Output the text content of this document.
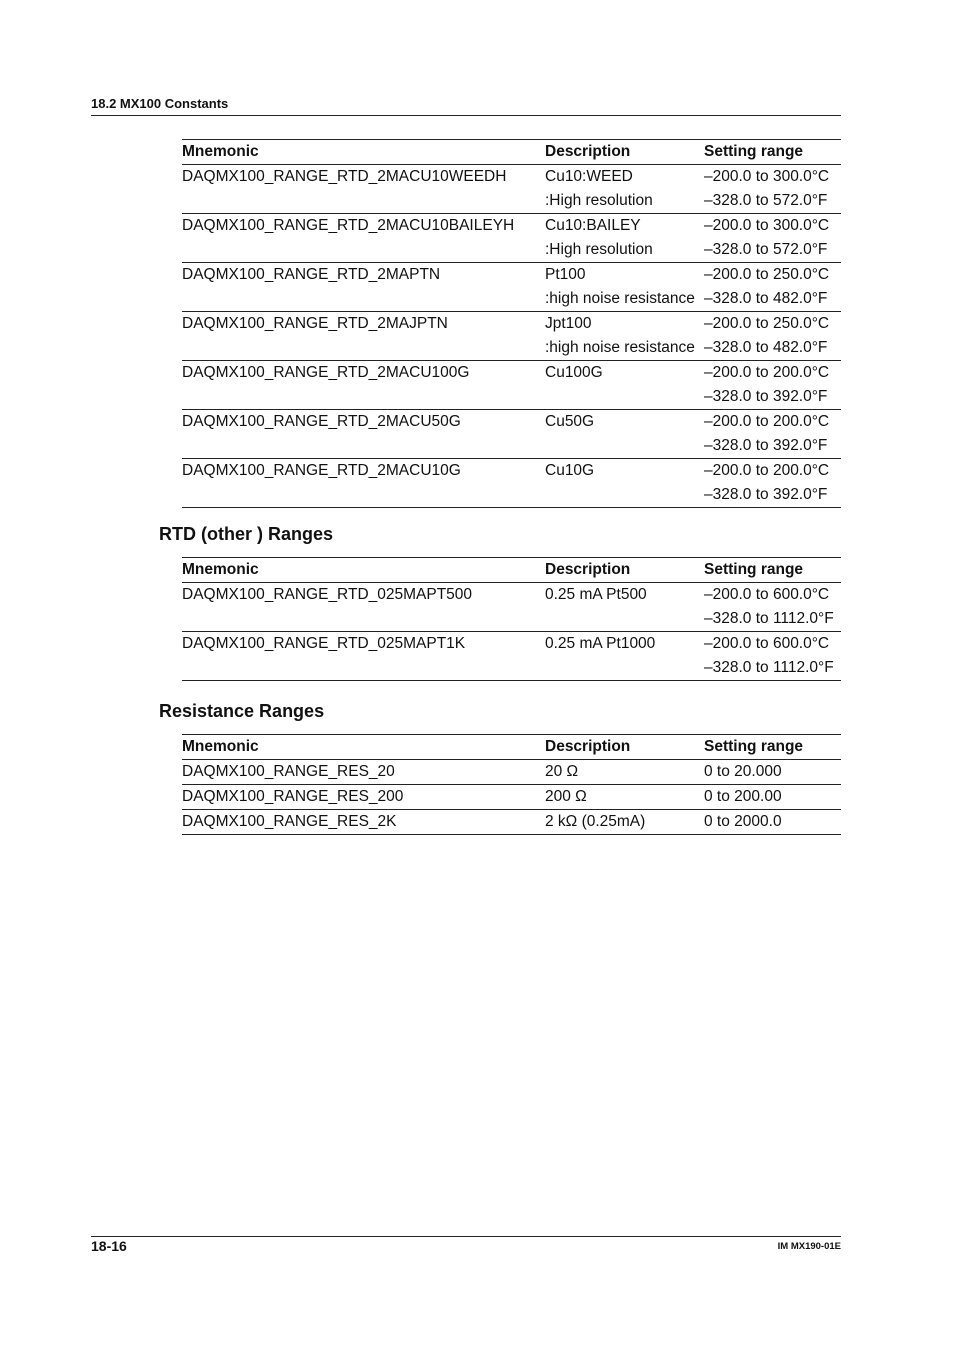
18.2 MX100 Constants
Mnemonic	Description	Setting range
DAQMX100_RANGE_RTD_2MACU10WEEDH	Cu10:WEED	–200.0 to 300.0°C
	:High resolution	–328.0 to 572.0°F
DAQMX100_RANGE_RTD_2MACU10BAILEYH	Cu10:BAILEY	–200.0 to 300.0°C
	:High resolution	–328.0 to 572.0°F
DAQMX100_RANGE_RTD_2MAPTN	Pt100	–200.0 to 250.0°C
	:high noise resistance	–328.0 to 482.0°F
DAQMX100_RANGE_RTD_2MAJPTN	Jpt100	–200.0 to 250.0°C
	:high noise resistance	–328.0 to 482.0°F
DAQMX100_RANGE_RTD_2MACU100G	Cu100G	–200.0 to 200.0°C
		–328.0 to 392.0°F
DAQMX100_RANGE_RTD_2MACU50G	Cu50G	–200.0 to 200.0°C
		–328.0 to 392.0°F
DAQMX100_RANGE_RTD_2MACU10G	Cu10G	–200.0 to 200.0°C
		–328.0 to 392.0°F
RTD (other ) Ranges
Mnemonic	Description	Setting range
DAQMX100_RANGE_RTD_025MAPT500	0.25 mA Pt500	–200.0 to 600.0°C
		–328.0 to 1112.0°F
DAQMX100_RANGE_RTD_025MAPT1K	0.25 mA Pt1000	–200.0 to 600.0°C
		–328.0 to 1112.0°F
Resistance Ranges
Mnemonic	Description	Setting range
DAQMX100_RANGE_RES_20	20 Ω	0 to 20.000
DAQMX100_RANGE_RES_200	200 Ω	0 to 200.00
DAQMX100_RANGE_RES_2K	2 kΩ (0.25mA)	0 to 2000.0
18-16	IM MX190-01E
